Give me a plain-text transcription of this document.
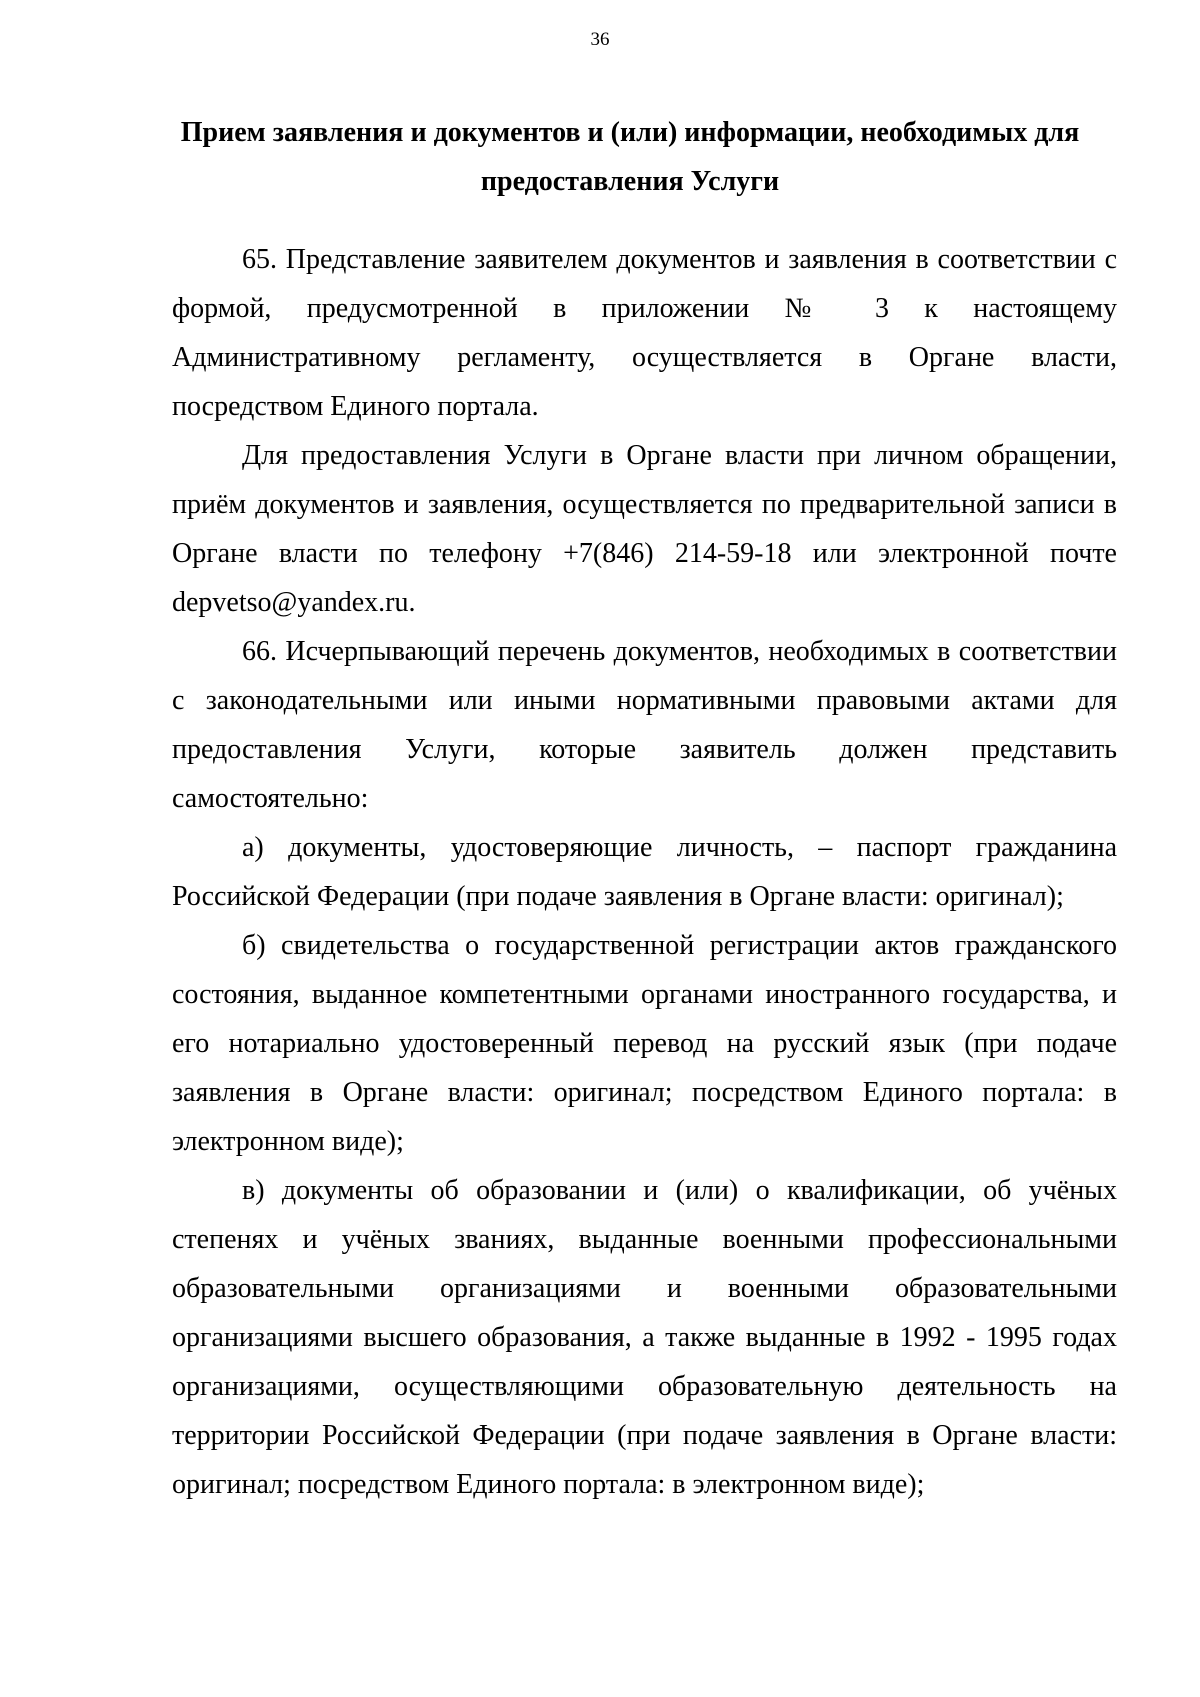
36
Прием заявления и документов и (или) информации, необходимых для
предоставления Услуги

65. Представление заявителем документов и заявления в соответствии с формой, предусмотренной в приложении № 3 к настоящему Административному регламенту, осуществляется в Органе власти, посредством Единого портала.

Для предоставления Услуги в Органе власти при личном обращении, приём документов и заявления, осуществляется по предварительной записи в Органе власти по телефону +7(846) 214-59-18 или электронной почте depvetso@yandex.ru.

66. Исчерпывающий перечень документов, необходимых в соответствии с законодательными или иными нормативными правовыми актами для предоставления Услуги, которые заявитель должен представить самостоятельно:

а) документы, удостоверяющие личность, – паспорт гражданина Российской Федерации (при подаче заявления в Органе власти: оригинал);

б) свидетельства о государственной регистрации актов гражданского состояния, выданное компетентными органами иностранного государства, и его нотариально удостоверенный перевод на русский язык (при подаче заявления в Органе власти: оригинал; посредством Единого портала: в электронном виде);

в) документы об образовании и (или) о квалификации, об учёных степенях и учёных званиях, выданные военными профессиональными образовательными организациями и военными образовательными организациями высшего образования, а также выданные в 1992 - 1995 годах организациями, осуществляющими образовательную деятельность на территории Российской Федерации (при подаче заявления в Органе власти: оригинал; посредством Единого портала: в электронном виде);
